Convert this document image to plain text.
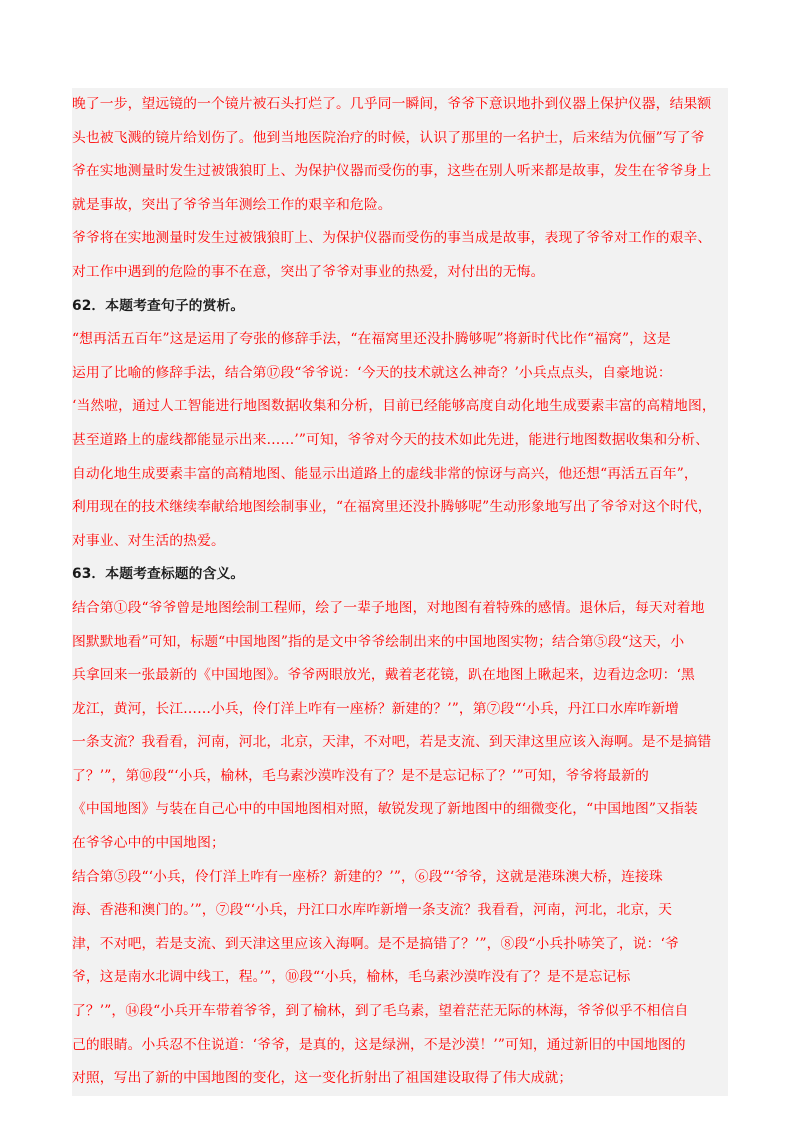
晚了一步，望远镜的一个镜片被石头打烂了。几乎同一瞬间，爷爷下意识地扑到仪器上保护仪器，结果额
头也被飞溅的镜片给划伤了。他到当地医院治疗的时候，认识了那里的一名护士，后来结为伉俪”写了爷
爷在实地测量时发生过被饿狼盯上、为保护仪器而受伤的事，这些在别人听来都是故事，发生在爷爷身上
就是事故，突出了爷爷当年测绘工作的艰辛和危险。
爷爷将在实地测量时发生过被饿狼盯上、为保护仪器而受伤的事当成是故事，表现了爷爷对工作的艰辛、
对工作中遇到的危险的事不在意，突出了爷爷对事业的热爱，对付出的无悔。
62．本题考查句子的赏析。
“想再活五百年”这是运用了夸张的修辞手法，“在福窝里还没扑腾够呢”将新时代比作“福窝”，这是
运用了比喻的修辞手法，结合第⑰段“爷爷说：‘今天的技术就这么神奇？’小兵点点头，自豪地说：
‘当然啦，通过人工智能进行地图数据收集和分析，目前已经能够高度自动化地生成要素丰富的高精地图，
甚至道路上的虚线都能显示出来……’”可知，爷爷对今天的技术如此先进，能进行地图数据收集和分析、
自动化地生成要素丰富的高精地图、能显示出道路上的虚线非常的惊讶与高兴，他还想“再活五百年”，
利用现在的技术继续奉献给地图绘制事业，“在福窝里还没扑腾够呢”生动形象地写出了爷爷对这个时代，
对事业、对生活的热爱。
63．本题考查标题的含义。
结合第①段“爷爷曾是地图绘制工程师，绘了一辈子地图，对地图有着特殊的感情。退休后，每天对着地
图默默地看”可知，标题“中国地图”指的是文中爷爷绘制出来的中国地图实物；结合第⑤段“这天，小
兵拿回来一张最新的《中国地图》。爷爷两眼放光，戴着老花镜，趴在地图上瞅起来，边看边念叨：‘黑
龙江，黄河，长江……小兵，伶仃洋上咋有一座桥？新建的？’”，第⑦段“‘小兵，丹江口水库咋新增
一条支流？我看看，河南，河北，北京，天津，不对吧，若是支流、到天津这里应该入海啊。是不是搞错
了？’”，第⑩段“‘小兵，榆林，毛乌素沙漠咋没有了？是不是忘记标了？’”可知，爷爷将最新的
《中国地图》与装在自己心中的中国地图相对照，敏锐发现了新地图中的细微变化，“中国地图”又指装
在爷爷心中的中国地图；
结合第⑤段“‘小兵，伶仃洋上咋有一座桥？新建的？’”，⑥段“‘爷爷，这就是港珠澳大桥，连接珠
海、香港和澳门的。’”，⑦段“‘小兵，丹江口水库咋新增一条支流？我看看，河南，河北，北京，天
津，不对吧，若是支流、到天津这里应该入海啊。是不是搞错了？’”，⑧段“小兵扑哧笑了，说：‘爷
爷，这是南水北调中线工，程。’”，⑩段“‘小兵，榆林，毛乌素沙漠咋没有了？是不是忘记标
了？’”，⑭段“小兵开车带着爷爷，到了榆林，到了毛乌素，望着茫茫无际的林海，爷爷似乎不相信自
己的眼睛。小兵忍不住说道：‘爷爷，是真的，这是绿洲，不是沙漠！’”可知，通过新旧的中国地图的
对照，写出了新的中国地图的变化，这一变化折射出了祖国建设取得了伟大成就；
